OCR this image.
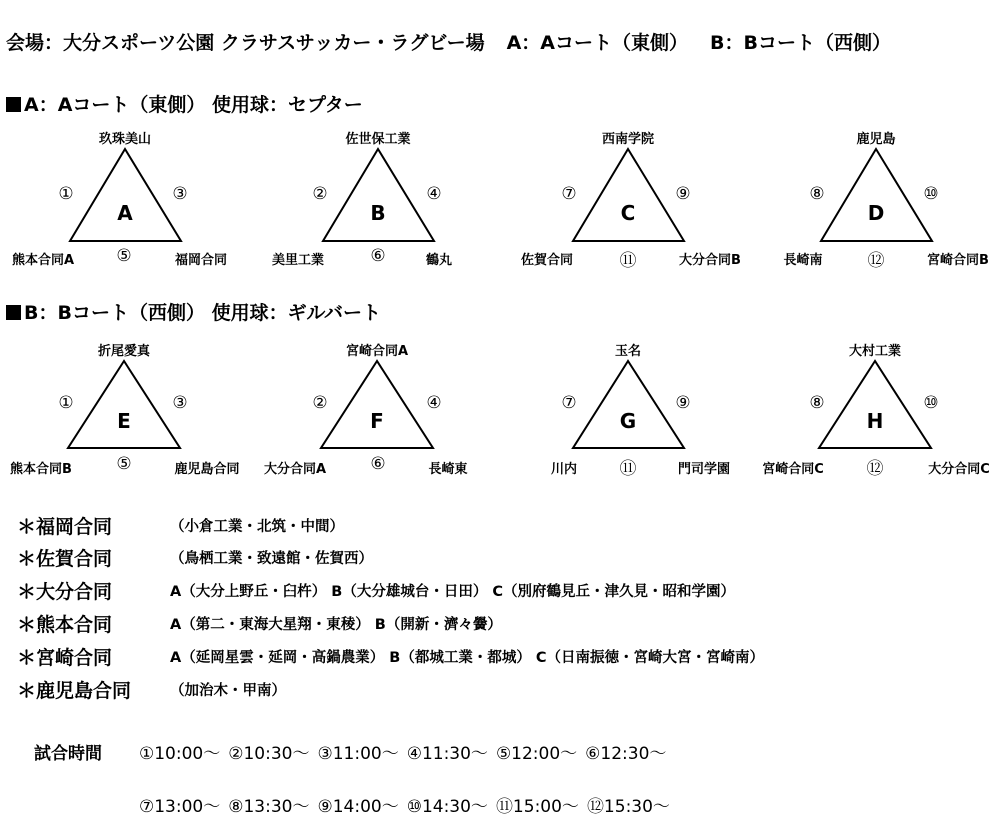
会場：大分スポーツ公園 クラサスサッカー・ラグビー場 A：Aコート（東側） B：Bコート（西側）
A：Aコート（東側） 使用球：セプター
B：Bコート（西側） 使用球：ギルバート
玖珠美山
①	③
A
熊本合同A ⑤	福岡合同
佐世保工業
②	④
B
美里工業	⑥	鶴丸
西南学院
⑦	⑨
C
佐賀合同	⑪	大分合同B
鹿児島
⑧	⑩
D
長崎南	⑫	宮崎合同B
折尾愛真
①	③
E
熊本合同B	⑤	鹿児島合同
宮崎合同A
②	④
F
大分合同A	⑥	長崎東
玉名
⑦	⑨
G
川内 ⑪	門司学園
大村工業
⑧	⑩
H
宮崎合同C	⑫	大分合同C
＊福岡合同	（小倉工業・北筑・中間）
＊佐賀合同	（鳥栖工業・致遠館・佐賀西）
＊大分合同	A（大分上野丘・臼杵） B（大分雄城台・日田） C（別府鶴見丘・津久見・昭和学園）
＊熊本合同	A（第二・東海大星翔・東稜） B（開新・濟々黌）
＊宮崎合同	A（延岡星雲・延岡・高鍋農業） B（都城工業・都城） C（日南振徳・宮崎大宮・宮崎南）
＊鹿児島合同	（加治木・甲南）
試合時間 ①10:00～ ②10:30～ ③11:00～ ④11:30～ ⑤12:00～ ⑥12:30～
⑦13:00～ ⑧13:30～ ⑨14:00～ ⑩14:30～ ⑪15:00～ ⑫15:30～
